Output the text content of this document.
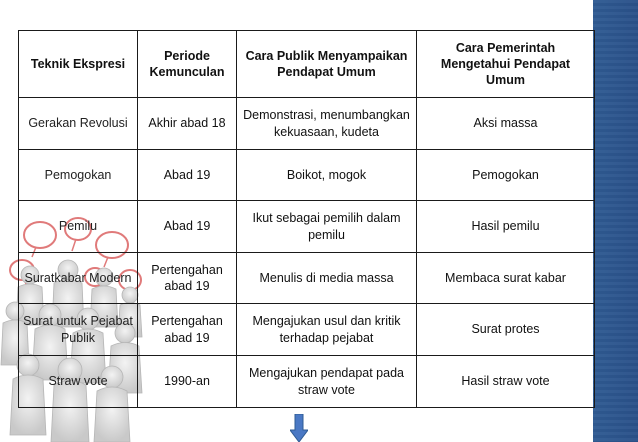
Teknik Ekspresi	Periode Kemunculan	Cara Publik Menyampaikan Pendapat Umum	Cara Pemerintah Mengetahui Pendapat Umum
Gerakan Revolusi	Akhir abad 18	Demonstrasi, menumbangkan kekuasaan, kudeta	Aksi massa
Pemogokan	Abad 19	Boikot, mogok	Pemogokan
Pemilu	Abad 19	Ikut sebagai pemilih dalam pemilu	Hasil pemilu
Suratkabar Modern	Pertengahan abad 19	Menulis di media massa	Membaca surat kabar
Surat untuk Pejabat Publik	Pertengahan abad 19	Mengajukan usul dan kritik terhadap pejabat	Surat protes
Straw vote	1990-an	Mengajukan pendapat pada straw vote	Hasil straw vote
